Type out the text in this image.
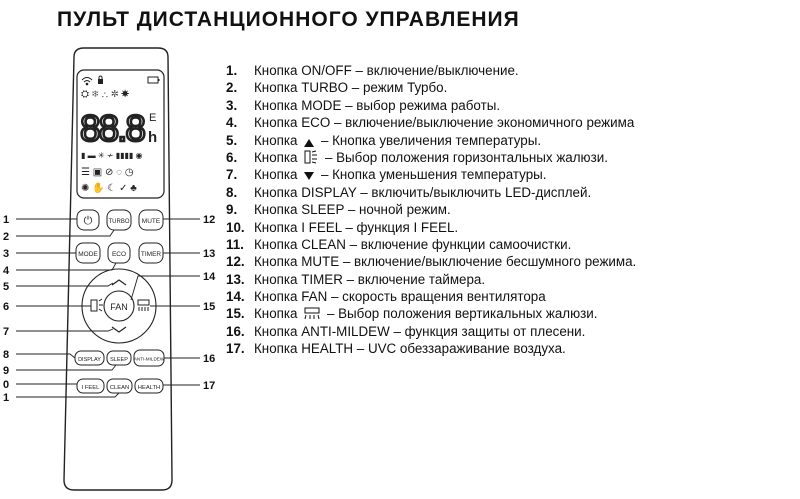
ПУЛЬТ ДИСТАНЦИОННОГО УПРАВЛЕНИЯ
⛭ ❄ ∴ ✼ ☀
88.8 E
h
▮ ▬ ✳ ≁ ▮▮▮▮ ◉
☰ ▣ ⊘ ◌ ◷
✺ ✋ ☾ ✓ ♣
⏻	TURBO MUTE
MODE ECO TIMER
FAN
DISPLAY SLEEP ANTI-MILDEW
I FEEL CLEAN HEALTH
1
2
3
4
5
6
7
8
9
0
1
12
13
14
15
16
17
1. Кнопка ON/OFF – включение/выключение.
2. Кнопка TURBO – режим Турбо.
3. Кнопка MODE – выбор режима работы.
4. Кнопка ECO – включение/выключение экономичного режима
5. Кнопка  – Кнопка увеличения температуры.
6. Кнопка  – Выбор положения горизонтальных жалюзи.
7. Кнопка  – Кнопка уменьшения температуры.
8. Кнопка DISPLAY – включить/выключить LED-дисплей.
9. Кнопка SLEEP – ночной режим.
10. Кнопка I FEEL – функция I FEEL.
11. Кнопка CLEAN – включение функции самоочистки.
12. Кнопка MUTE – включение/выключение бесшумного режима.
13. Кнопка TIMER – включение таймера.
14. Кнопка FAN – скорость вращения вентилятора
15. Кнопка  – Выбор положения вертикальных жалюзи.
16. Кнопка ANTI-MILDEW – функция защиты от плесени.
17. Кнопка HEALTH – UVC обеззараживание воздуха.
